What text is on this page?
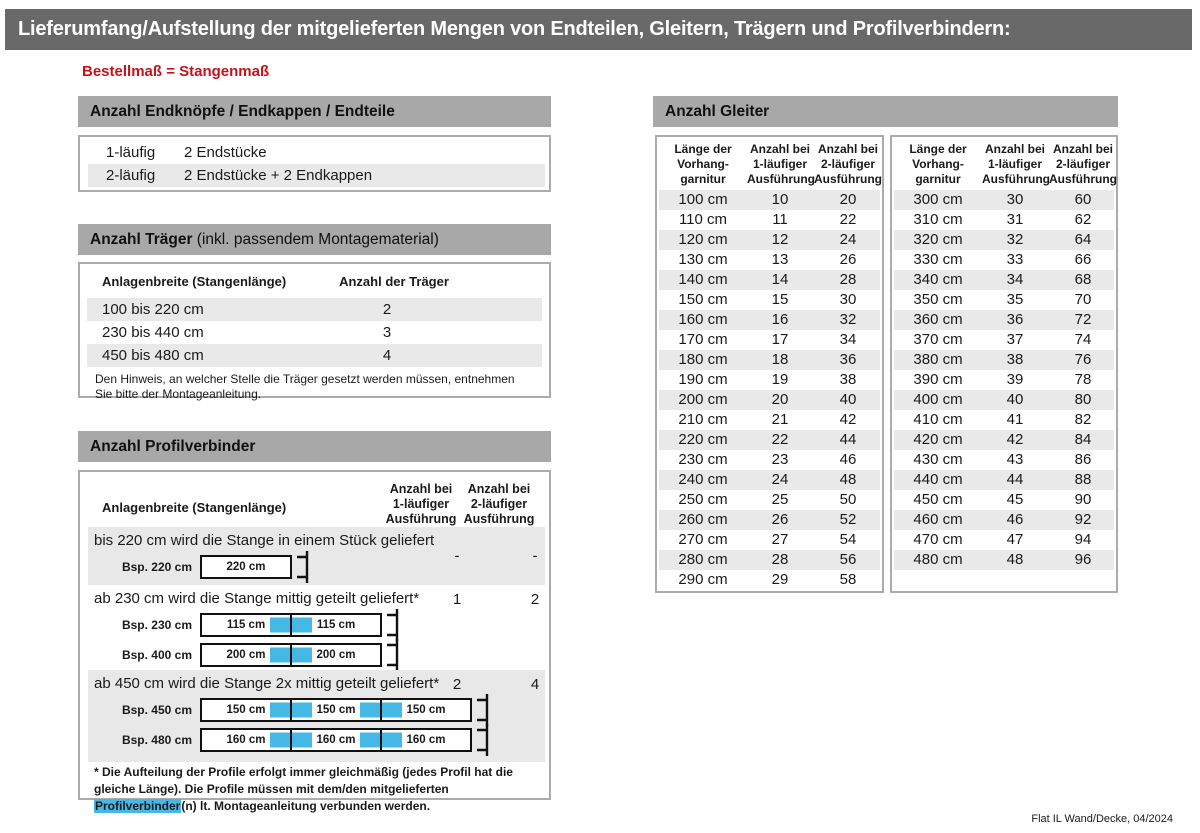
Lieferumfang/Aufstellung der mitgelieferten Mengen von Endteilen, Gleitern, Trägern und Profilverbindern:
Bestellmaß = Stangenmaß
Anzahl Endknöpfe / Endkappen / Endteile
1-läufig	2 Endstücke
2-läufig	2 Endstücke + 2 Endkappen
Anzahl Träger (inkl. passendem Montagematerial)
Anlagenbreite (Stangenlänge)	Anzahl der Träger
100 bis 220 cm	2
230 bis 440 cm	3
450 bis 480 cm	4
Den Hinweis, an welcher Stelle die Träger gesetzt werden müssen, entnehmen Sie bitte der Montageanleitung.
Anzahl Profilverbinder
Anlagenbreite (Stangenlänge)
Anzahl bei
1-läufiger
Ausführung
Anzahl bei
2-läufiger
Ausführung
bis 220 cm wird die Stange in einem Stück geliefert
-	-
Bsp. 220 cm	220 cm
ab 230 cm wird die Stange mittig geteilt geliefert*	1	2
Bsp. 230 cm	115 cm	115 cm
Bsp. 400 cm	200 cm	200 cm
ab 450 cm wird die Stange 2x mittig geteilt geliefert* 2	4
Bsp. 450 cm	150 cm	150 cm	150 cm
Bsp. 480 cm	160 cm	160 cm	160 cm
* Die Aufteilung der Profile erfolgt immer gleichmäßig (jedes Profil hat die gleiche Länge). Die Profile müssen mit dem/den mitgelieferten Profilverbinder(n) lt. Montageanleitung verbunden werden.
Anzahl Gleiter
Länge der
Vorhang-
garnitur
Anzahl bei
1-läufiger
Ausführung
Anzahl bei
2-läufiger
Ausführung
100 cm	10	20
110 cm	11	22
120 cm	12	24
130 cm	13	26
140 cm	14	28
150 cm	15	30
160 cm	16	32
170 cm	17	34
180 cm	18	36
190 cm	19	38
200 cm	20	40
210 cm	21	42
220 cm	22	44
230 cm	23	46
240 cm	24	48
250 cm	25	50
260 cm	26	52
270 cm	27	54
280 cm	28	56
290 cm	29	58
Länge der
Vorhang-
garnitur
Anzahl bei
1-läufiger
Ausführung
Anzahl bei
2-läufiger
Ausführung
300 cm	30	60
310 cm	31	62
320 cm	32	64
330 cm	33	66
340 cm	34	68
350 cm	35	70
360 cm	36	72
370 cm	37	74
380 cm	38	76
390 cm	39	78
400 cm	40	80
410 cm	41	82
420 cm	42	84
430 cm	43	86
440 cm	44	88
450 cm	45	90
460 cm	46	92
470 cm	47	94
480 cm	48	96
Flat IL Wand/Decke, 04/2024
